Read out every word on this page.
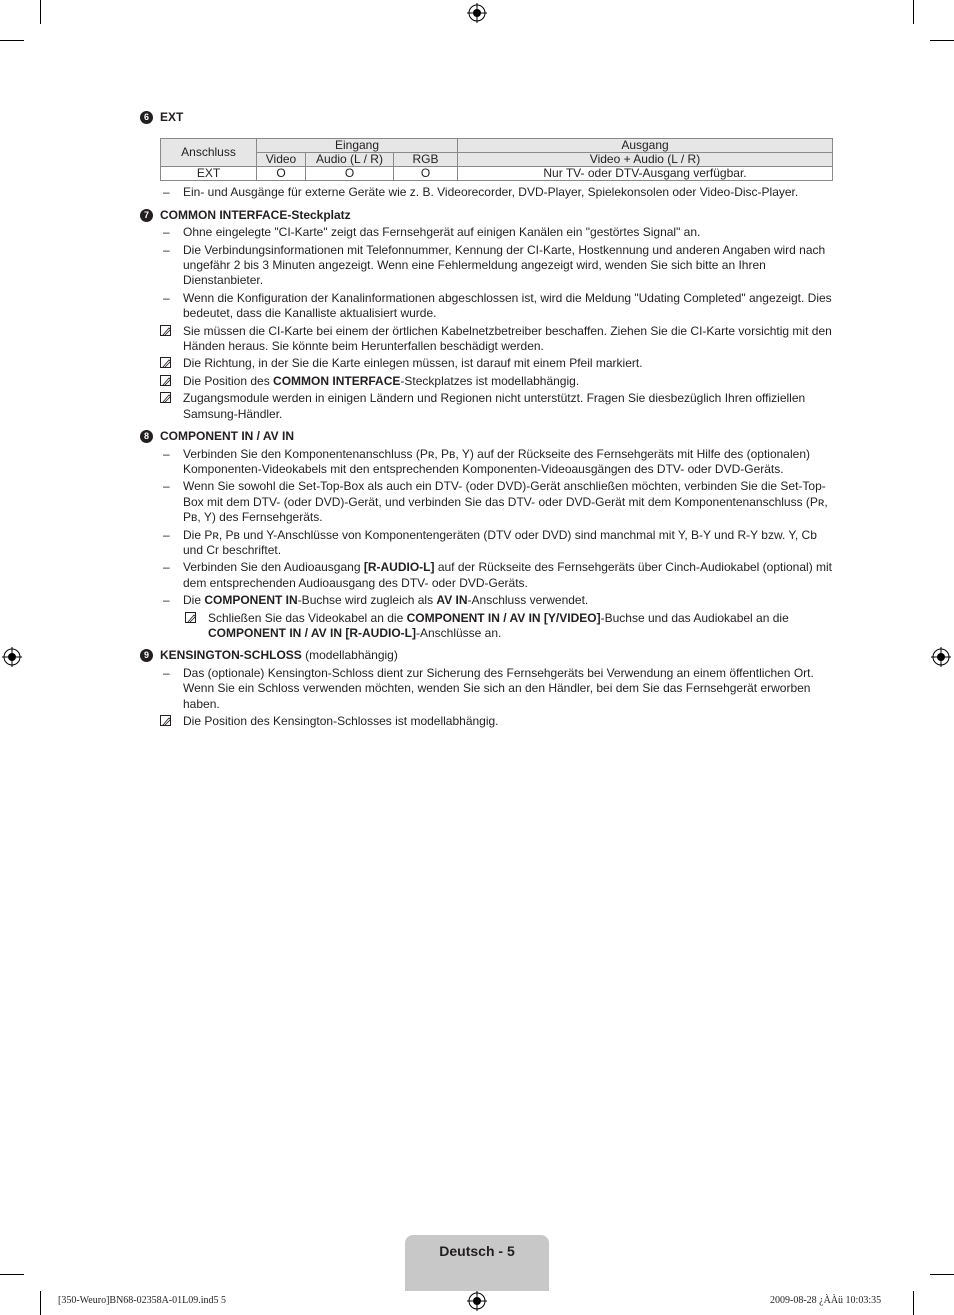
6 EXT
Anschluss	Eingang			Ausgang
	Video	Audio (L / R)	RGB	Video + Audio (L / R)
EXT	O	O	O	Nur TV- oder DTV-Ausgang verfügbar.
– Ein- und Ausgänge für externe Geräte wie z. B. Videorecorder, DVD-Player, Spielekonsolen oder Video-Disc-Player.
7 COMMON INTERFACE-Steckplatz
– Ohne eingelegte "CI-Karte" zeigt das Fernsehgerät auf einigen Kanälen ein "gestörtes Signal" an.
– Die Verbindungsinformationen mit Telefonnummer, Kennung der CI-Karte, Hostkennung und anderen Angaben wird nach ungefähr 2 bis 3 Minuten angezeigt. Wenn eine Fehlermeldung angezeigt wird, wenden Sie sich bitte an Ihren Dienstanbieter.
– Wenn die Konfiguration der Kanalinformationen abgeschlossen ist, wird die Meldung "Udating Completed" angezeigt. Dies bedeutet, dass die Kanalliste aktualisiert wurde.
Sie müssen die CI-Karte bei einem der örtlichen Kabelnetzbetreiber beschaffen. Ziehen Sie die CI-Karte vorsichtig mit den Händen heraus. Sie könnte beim Herunterfallen beschädigt werden.
Die Richtung, in der Sie die Karte einlegen müssen, ist darauf mit einem Pfeil markiert.
Die Position des COMMON INTERFACE-Steckplatzes ist modellabhängig.
Zugangsmodule werden in einigen Ländern und Regionen nicht unterstützt. Fragen Sie diesbezüglich Ihren offiziellen Samsung-Händler.
8 COMPONENT IN / AV IN
– Verbinden Sie den Komponentenanschluss (Pʀ, Pʙ, Y) auf der Rückseite des Fernsehgeräts mit Hilfe des (optionalen) Komponenten-Videokabels mit den entsprechenden Komponenten-Videoausgängen des DTV- oder DVD-Geräts.
– Wenn Sie sowohl die Set-Top-Box als auch ein DTV- (oder DVD)-Gerät anschließen möchten, verbinden Sie die Set-Top-Box mit dem DTV- (oder DVD)-Gerät, und verbinden Sie das DTV- oder DVD-Gerät mit dem Komponentenanschluss (Pʀ, Pʙ, Y) des Fernsehgeräts.
– Die Pʀ, Pʙ und Y-Anschlüsse von Komponentengeräten (DTV oder DVD) sind manchmal mit Y, B-Y und R-Y bzw. Y, Cb und Cr beschriftet.
– Verbinden Sie den Audioausgang [R-AUDIO-L] auf der Rückseite des Fernsehgeräts über Cinch-Audiokabel (optional) mit dem entsprechenden Audioausgang des DTV- oder DVD-Geräts.
– Die COMPONENT IN-Buchse wird zugleich als AV IN-Anschluss verwendet.
Schließen Sie das Videokabel an die COMPONENT IN / AV IN [Y/VIDEO]-Buchse und das Audiokabel an die COMPONENT IN / AV IN [R-AUDIO-L]-Anschlüsse an.
9 KENSINGTON-SCHLOSS (modellabhängig)
– Das (optionale) Kensington-Schloss dient zur Sicherung des Fernsehgeräts bei Verwendung an einem öffentlichen Ort. Wenn Sie ein Schloss verwenden möchten, wenden Sie sich an den Händler, bei dem Sie das Fernsehgerät erworben haben.
Die Position des Kensington-Schlosses ist modellabhängig.
Deutsch - 5
[350-Weuro]BN68-02358A-01L09.ind5 5	2009-08-28 ¿ÀÀü 10:03:35
